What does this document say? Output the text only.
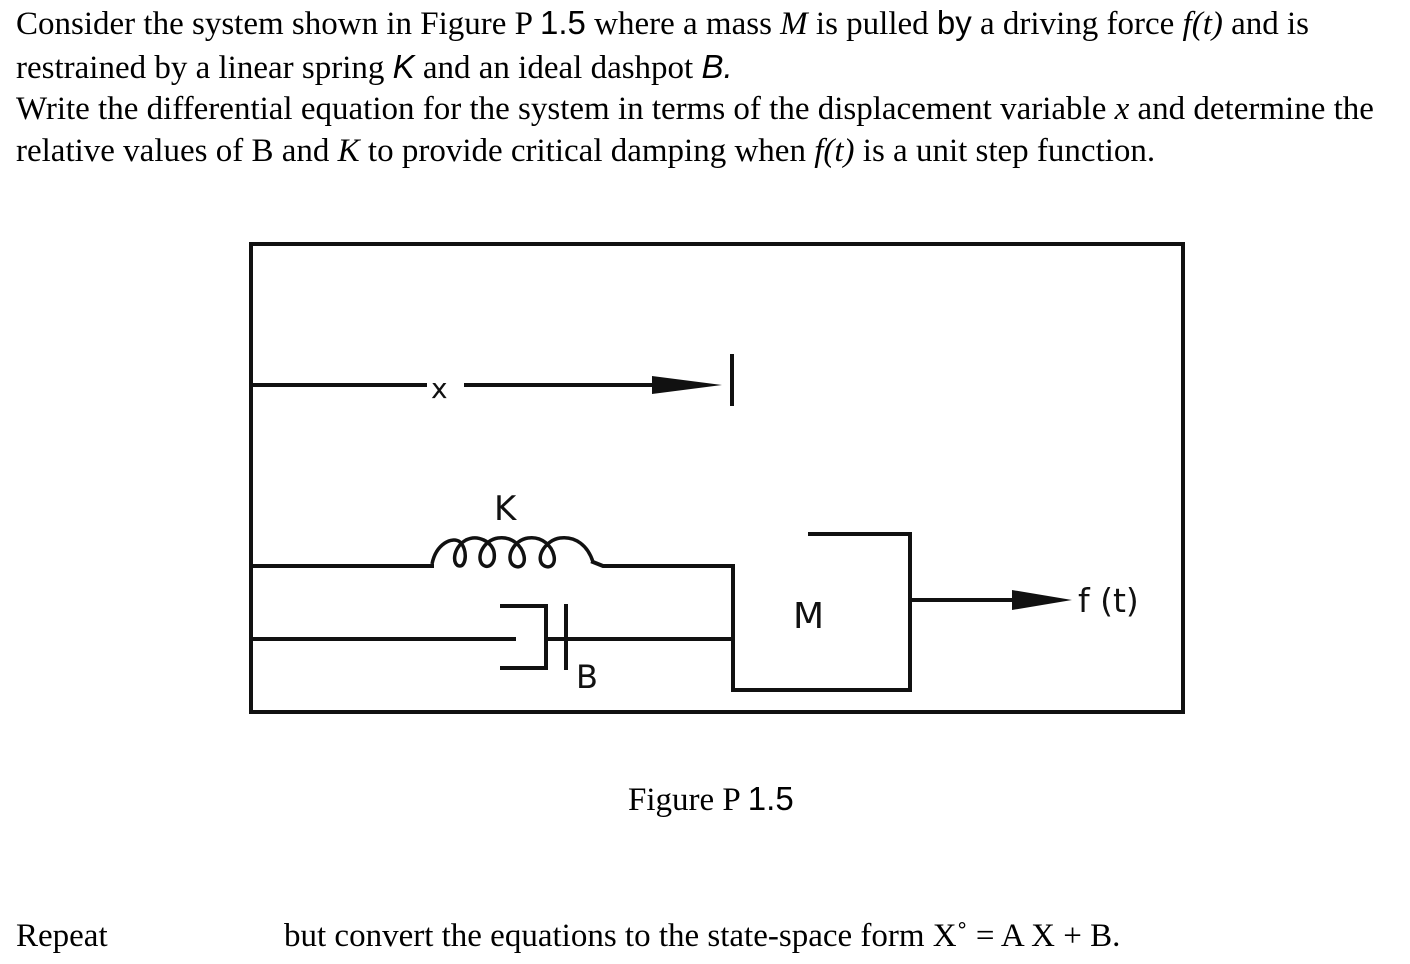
Consider the system shown in Figure P 1.5 where a mass M is pulled by a driving force f(t) and is restrained by a linear spring K and an ideal dashpot B.

Write the differential equation for the system in terms of the displacement variable x and determine the relative values of B and K to provide critical damping when f(t) is a unit step function.

x
K
B
M	f (t)
Figure P 1.5
Repeat	but convert the equations to the state-space form X˚ = A X + B.
